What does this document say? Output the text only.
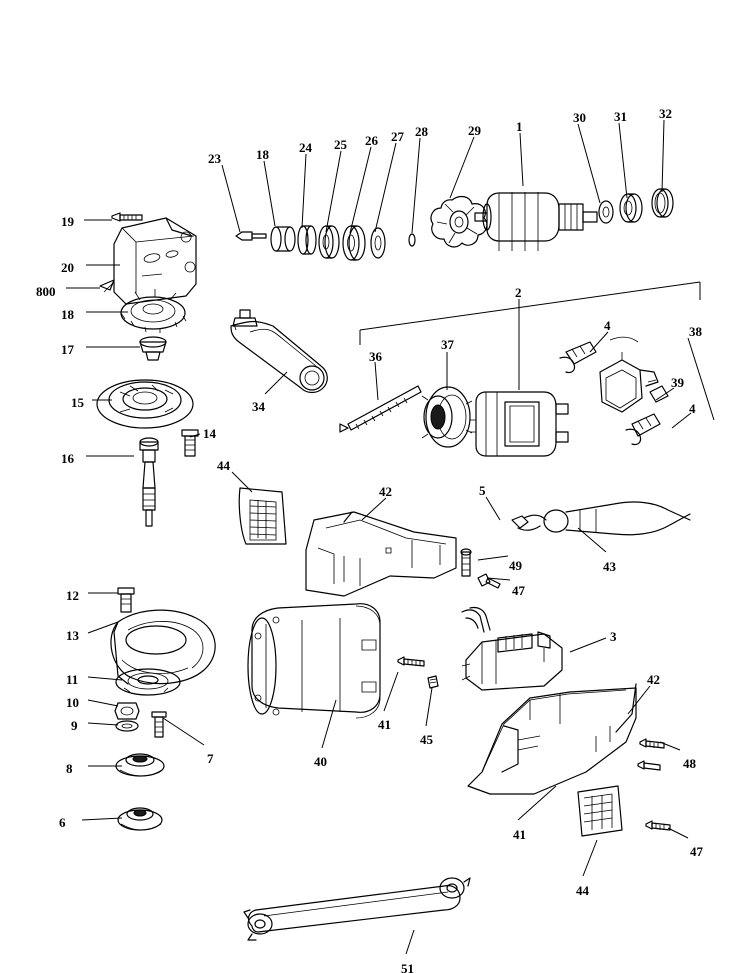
19
23	18 24 25 26 27 28	29	1
30 31 32
20
800
18
17
15
16
14
34
36
37
2
4	38
39
4
44
42	5
49
47
43
12
13
11
10
9
7
8
6
40
41
45
3
42
48
41
44
47
51
